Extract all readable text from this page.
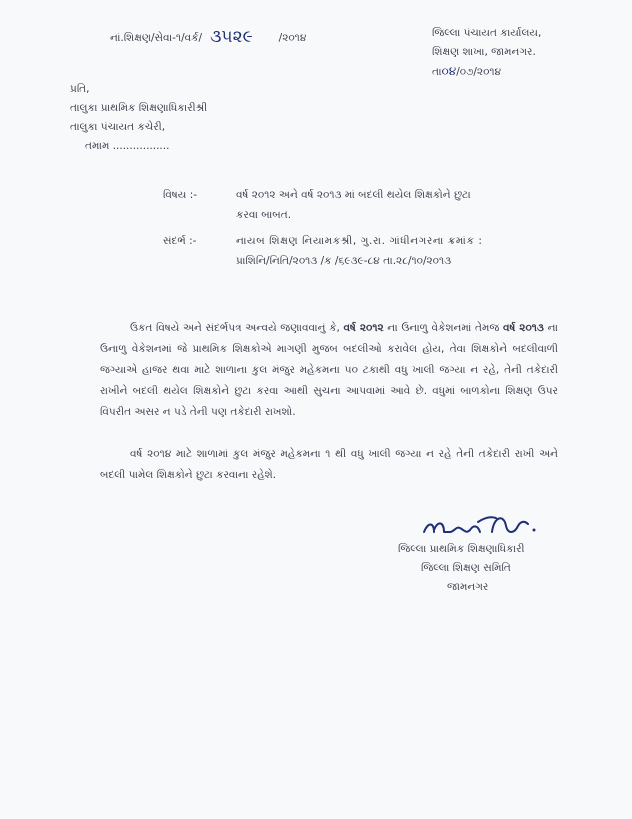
નાં.શિક્ષણ/સેવા-૧/વર્ક/ ૩૫૨૯ /૨૦૧૪	જિલ્લા પંચાયત કાર્યાલય,
શિક્ષણ શાખા, જામનગર.
તા૦૪/૦૭/૨૦૧૪
પ્રતિ,
તાલુકા પ્રાથમિક શિક્ષણાધિકારીશ્રી
તાલુકા પંચાયત કચેરી,
તમામ .................
વિષય :-	વર્ષ ૨૦૧૨ અને વર્ષ ૨૦૧૩ માં બદલી થયેલ શિક્ષકોને છુટા
કરવા બાબત.
સંદર્ભ :-	નાયબ શિક્ષણ નિયામકશ્રી, ગુ.રા. ગાંધીનગરના ક્રમાંક :
પ્રાશિનિ/નિતિ/૨૦૧૩ /ક /૬૯૩૯-૮૪ તા.૨૮/૧૦/૨૦૧૩
ઉકત વિષયે અને સંદર્ભપત્ર અન્વયે જણાવવાનું કે, વર્ષ ૨૦૧૨ ના ઉનાળુ વેકેશનમાં તેમજ વર્ષ ૨૦૧૩ ના ઉનાળુ વેકેશનમાં જે પ્રાથમિક શિક્ષકોએ માગણી મુજબ બદલીઓ કરાવેલ હોય, તેવા શિક્ષકોને બદલીવાળી જગ્યાએ હાજર થવા માટે શાળાના કુલ મંજુર મહેકમના ૫૦ ટકાથી વધુ ખાલી જગ્યા ન રહે, તેની તકેદારી રાખીને બદલી થયેલ શિક્ષકોને છુટા કરવા આથી સુચના આપવામાં આવે છે. વધુમાં બાળકોના શિક્ષણ ઉપર વિપરીત અસર ન પડે તેની પણ તકેદારી રાખશો.
વર્ષ ૨૦૧૪ માટે શાળામાં કુલ મંજુર મહેકમના ૧ થી વધુ ખાલી જગ્યા ન રહે તેની તકેદારી રાખી અને બદલી પામેલ શિક્ષકોને છુટા કરવાના રહેશે.
જિલ્લા પ્રાથમિક શિક્ષણાધિકારી
જિલ્લા શિક્ષણ સમિતિ
જામનગર
